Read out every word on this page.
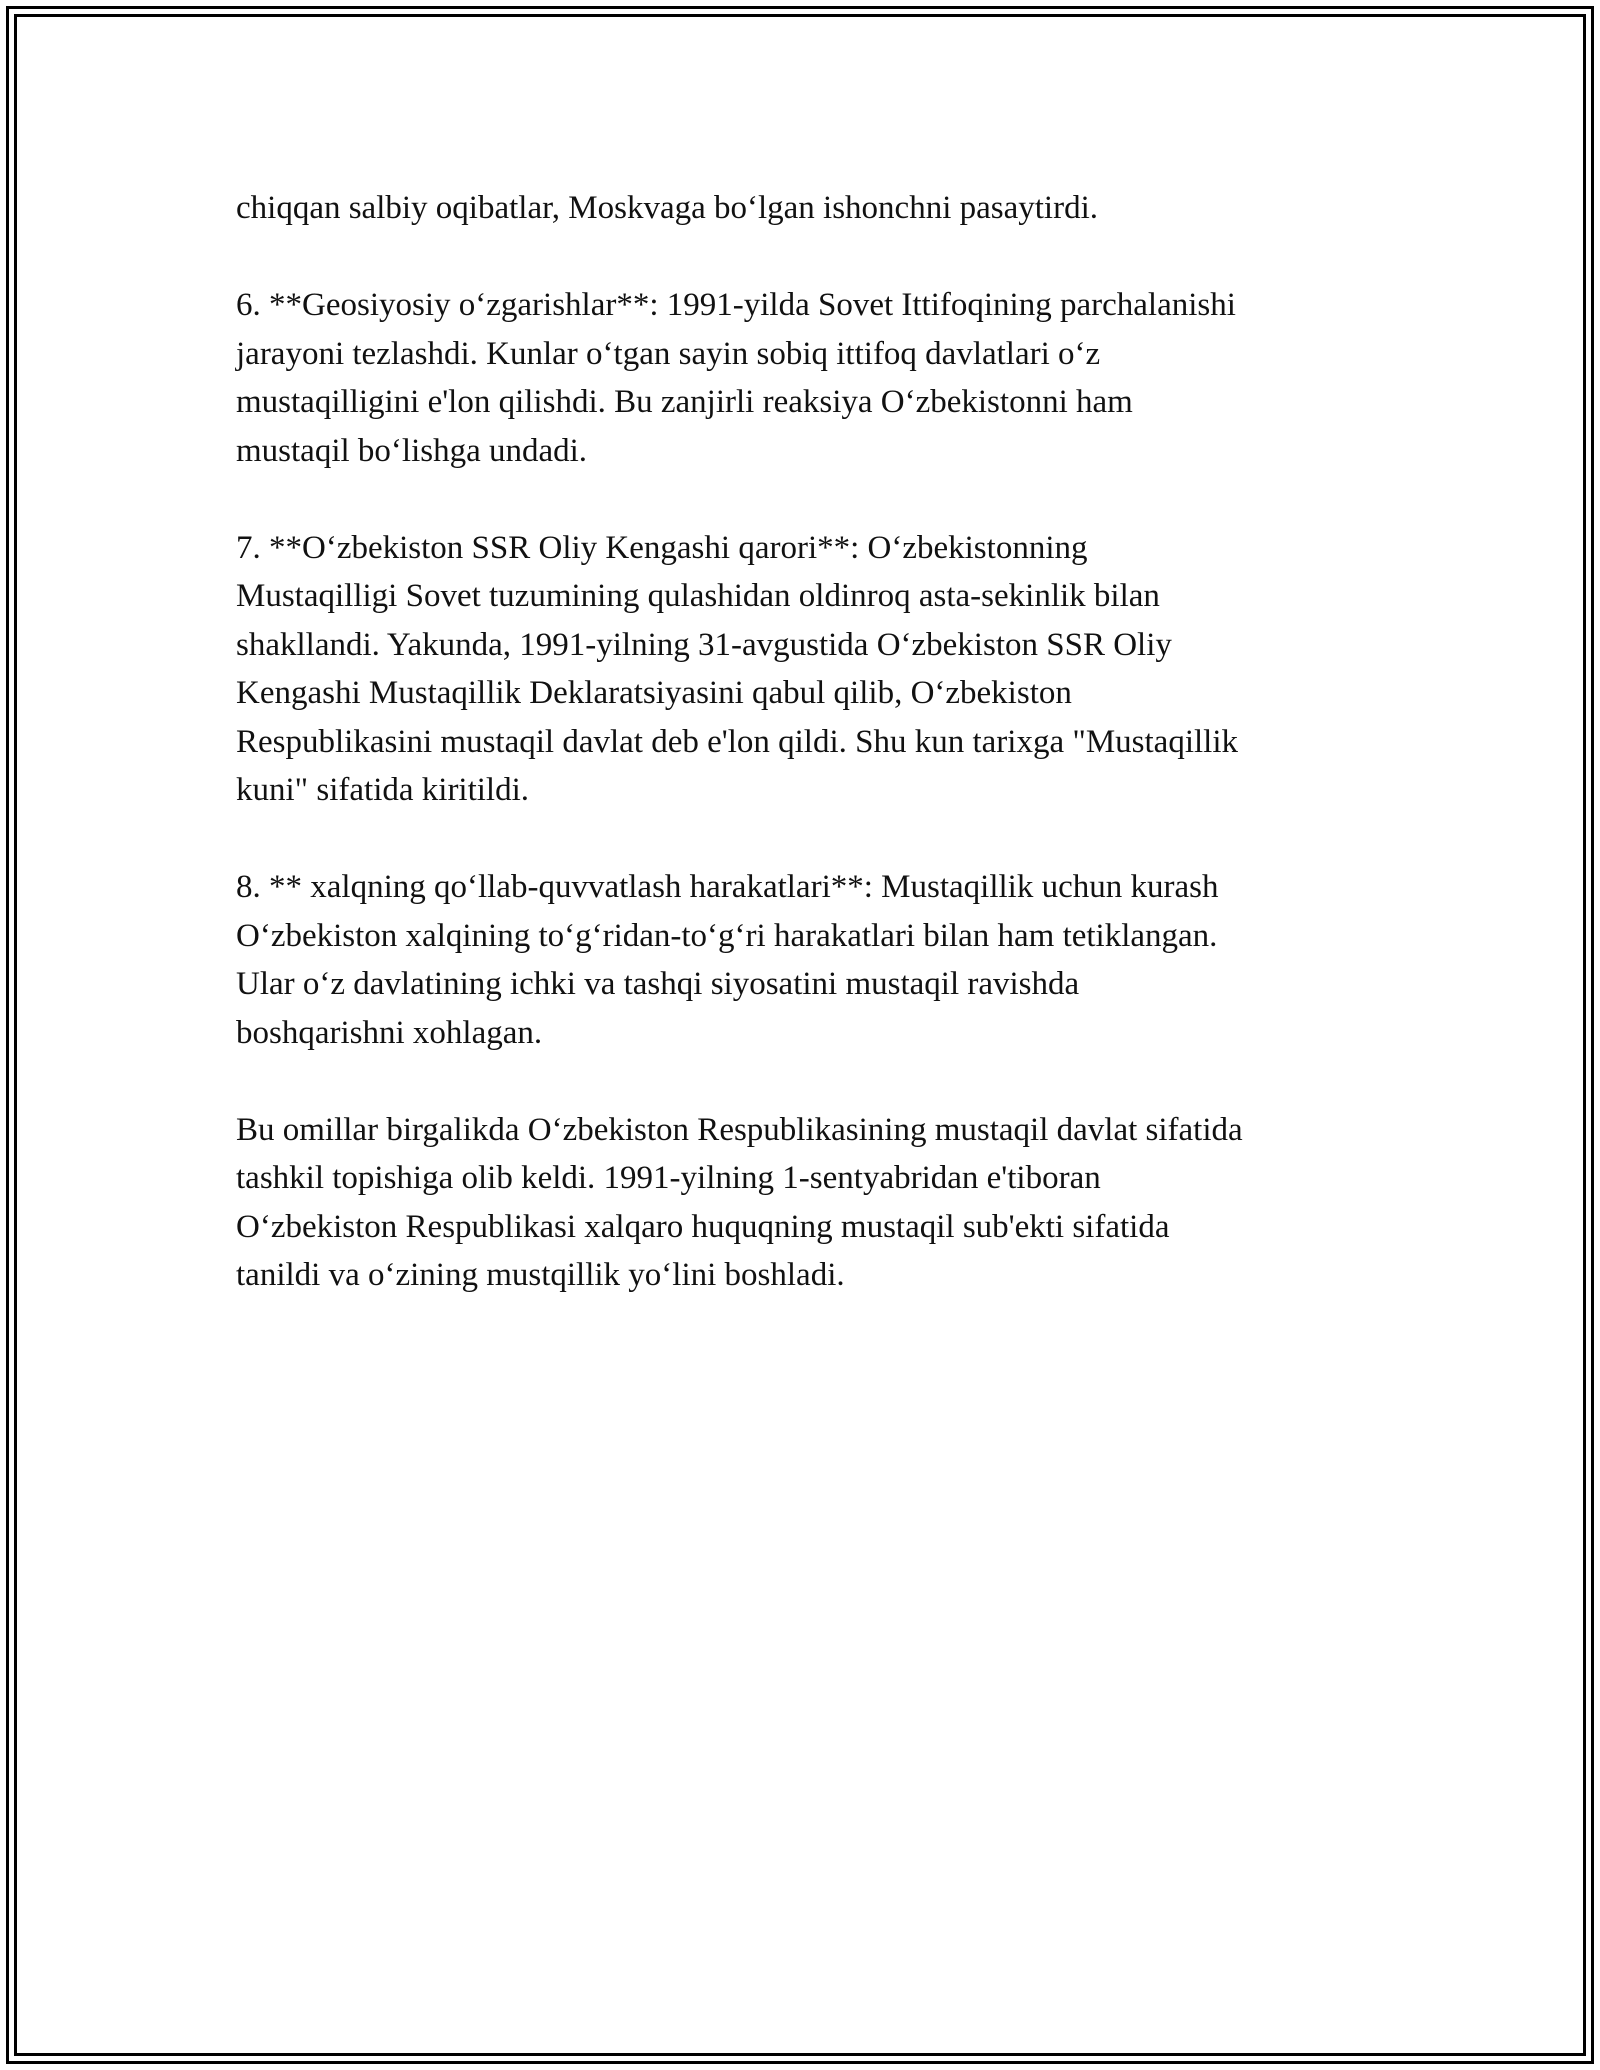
chiqqan salbiy oqibatlar, Moskvaga bo‘lgan ishonchni pasaytirdi.

6. **Geosiyosiy o‘zgarishlar**: 1991-yilda Sovet Ittifoqining parchalanishi
jarayoni tezlashdi. Kunlar o‘tgan sayin sobiq ittifoq davlatlari o‘z
mustaqilligini e'lon qilishdi. Bu zanjirli reaksiya O‘zbekistonni ham
mustaqil bo‘lishga undadi.

7. **O‘zbekiston SSR Oliy Kengashi qarori**: O‘zbekistonning
Mustaqilligi Sovet tuzumining qulashidan oldinroq asta-sekinlik bilan
shakllandi. Yakunda, 1991-yilning 31-avgustida O‘zbekiston SSR Oliy
Kengashi Mustaqillik Deklaratsiyasini qabul qilib, O‘zbekiston
Respublikasini mustaqil davlat deb e'lon qildi. Shu kun tarixga "Mustaqillik
kuni" sifatida kiritildi.

8. ** xalqning qo‘llab-quvvatlash harakatlari**: Mustaqillik uchun kurash
O‘zbekiston xalqining to‘g‘ridan-to‘g‘ri harakatlari bilan ham tetiklangan.
Ular o‘z davlatining ichki va tashqi siyosatini mustaqil ravishda
boshqarishni xohlagan.

Bu omillar birgalikda O‘zbekiston Respublikasining mustaqil davlat sifatida
tashkil topishiga olib keldi. 1991-yilning 1-sentyabridan e'tiboran
O‘zbekiston Respublikasi xalqaro huquqning mustaqil sub'ekti sifatida
tanildi va o‘zining mustqillik yo‘lini boshladi.
